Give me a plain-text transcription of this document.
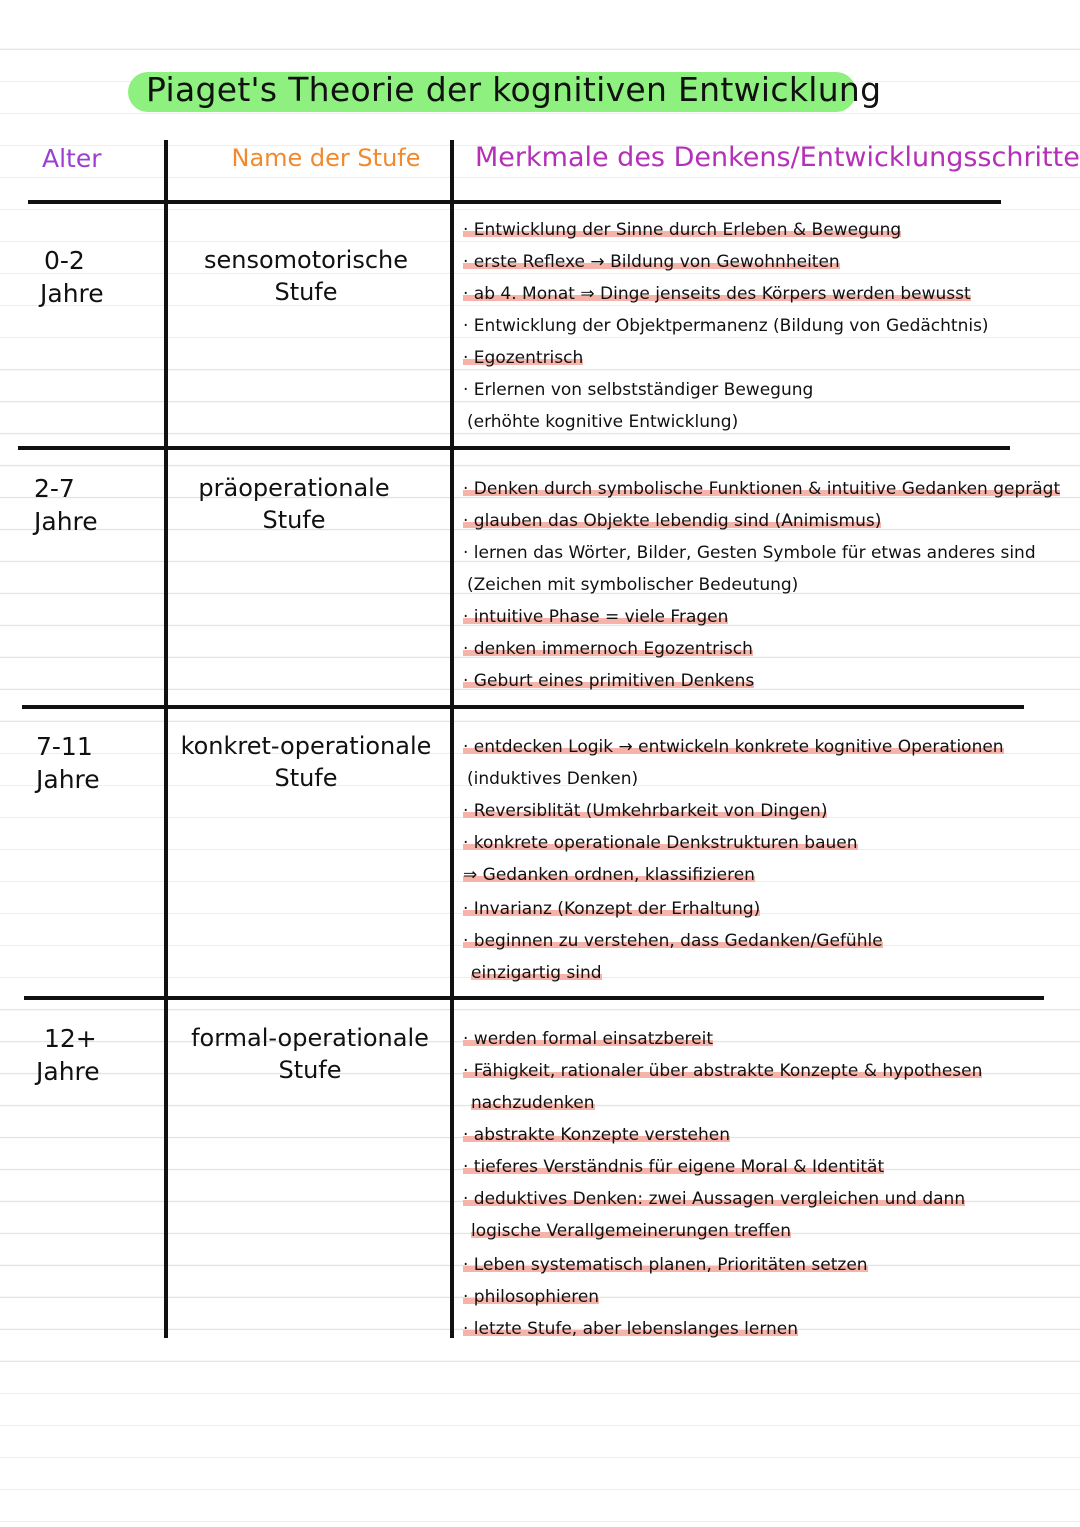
Piaget's Theorie der kognitiven Entwicklung
Alter	Name der Stufe	Merkmale des Denkens/Entwicklungsschritte
0-2
Jahre
sensomotorische
Stufe
· Entwicklung der Sinne durch Erleben & Bewegung
· erste Reflexe → Bildung von Gewohnheiten
· ab 4. Monat ⇒ Dinge jenseits des Körpers werden bewusst
· Entwicklung der Objektpermanenz (Bildung von Gedächtnis)
· Egozentrisch
· Erlernen von selbstständiger Bewegung
(erhöhte kognitive Entwicklung)
2-7
Jahre
präoperationale
Stufe
· Denken durch symbolische Funktionen & intuitive Gedanken geprägt
· glauben das Objekte lebendig sind (Animismus)
· lernen das Wörter, Bilder, Gesten Symbole für etwas anderes sind
(Zeichen mit symbolischer Bedeutung)
· intuitive Phase = viele Fragen
· denken immernoch Egozentrisch
· Geburt eines primitiven Denkens
7-11
Jahre
konkret-operationale
Stufe
· entdecken Logik → entwickeln konkrete kognitive Operationen
(induktives Denken)
· Reversiblität (Umkehrbarkeit von Dingen)
· konkrete operationale Denkstrukturen bauen
⇒ Gedanken ordnen, klassifizieren
· Invarianz (Konzept der Erhaltung)
· beginnen zu verstehen, dass Gedanken/Gefühle
einzigartig sind
12+
Jahre
formal-operationale
Stufe
· werden formal einsatzbereit
· Fähigkeit, rationaler über abstrakte Konzepte & hypothesen
nachzudenken
· abstrakte Konzepte verstehen
· tieferes Verständnis für eigene Moral & Identität
· deduktives Denken: zwei Aussagen vergleichen und dann
logische Verallgemeinerungen treffen
· Leben systematisch planen, Prioritäten setzen
· philosophieren
· letzte Stufe, aber lebenslanges lernen
